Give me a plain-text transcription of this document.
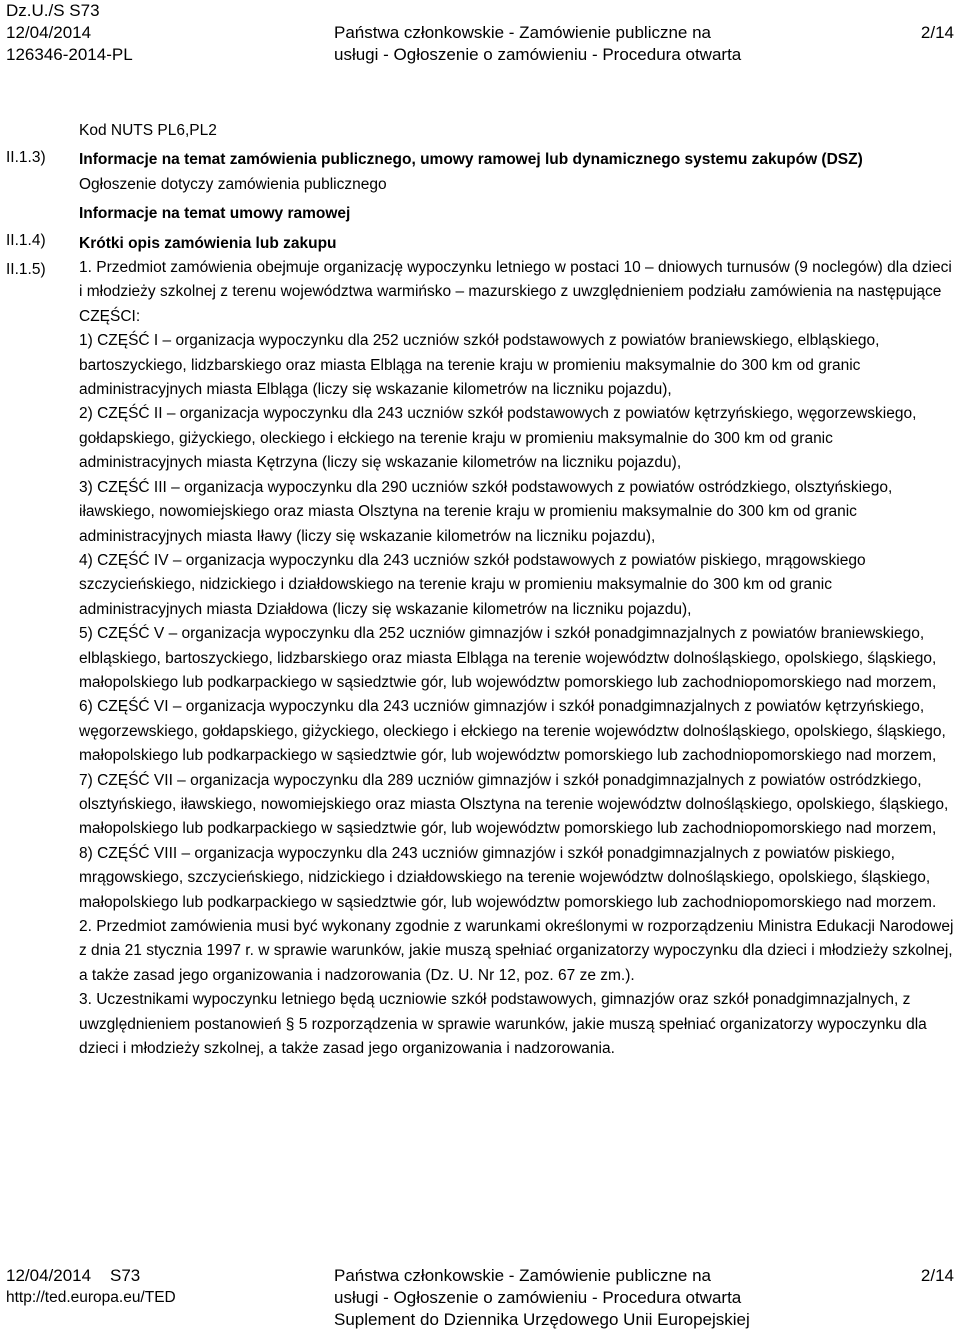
Dz.U./S S73
12/04/2014
126346-2014-PL
Państwa członkowskie - Zamówienie publiczne na
usługi - Ogłoszenie o zamówieniu - Procedura otwarta
2/14
II.1.3)
II.1.4)
II.1.5)

Kod NUTS PL6,PL2

Informacje na temat zamówienia publicznego, umowy ramowej lub dynamicznego systemu zakupów (DSZ)

Ogłoszenie dotyczy zamówienia publicznego

Informacje na temat umowy ramowej

Krótki opis zamówienia lub zakupu

1. Przedmiot zamówienia obejmuje organizację wypoczynku letniego w postaci 10 – dniowych turnusów (9 noclegów) dla dzieci i młodzieży szkolnej z terenu województwa warmińsko – mazurskiego z uwzględnieniem podziału zamówienia na następujące CZĘŚCI:

1) CZĘŚĆ I – organizacja wypoczynku dla 252 uczniów szkół podstawowych z powiatów braniewskiego, elbląskiego, bartoszyckiego, lidzbarskiego oraz miasta Elbląga na terenie kraju w promieniu maksymalnie do 300 km od granic administracyjnych miasta Elbląga (liczy się wskazanie kilometrów na liczniku pojazdu),

2) CZĘŚĆ II – organizacja wypoczynku dla 243 uczniów szkół podstawowych z powiatów kętrzyńskiego, węgorzewskiego, gołdapskiego, giżyckiego, oleckiego i ełckiego na terenie kraju w promieniu maksymalnie do 300 km od granic administracyjnych miasta Kętrzyna (liczy się wskazanie kilometrów na liczniku pojazdu),

3) CZĘŚĆ III – organizacja wypoczynku dla 290 uczniów szkół podstawowych z powiatów ostródzkiego, olsztyńskiego, iławskiego, nowomiejskiego oraz miasta Olsztyna na terenie kraju w promieniu maksymalnie do 300 km od granic administracyjnych miasta Iławy (liczy się wskazanie kilometrów na liczniku pojazdu),

4) CZĘŚĆ IV – organizacja wypoczynku dla 243 uczniów szkół podstawowych z powiatów piskiego, mrągowskiego szczycieńskiego, nidzickiego i działdowskiego na terenie kraju w promieniu maksymalnie do 300 km od granic administracyjnych miasta Działdowa (liczy się wskazanie kilometrów na liczniku pojazdu),

5) CZĘŚĆ V – organizacja wypoczynku dla 252 uczniów gimnazjów i szkół ponadgimnazjalnych z powiatów braniewskiego, elbląskiego, bartoszyckiego, lidzbarskiego oraz miasta Elbląga na terenie województw dolnośląskiego, opolskiego, śląskiego, małopolskiego lub podkarpackiego w sąsiedztwie gór, lub województw pomorskiego lub zachodniopomorskiego nad morzem,

6) CZĘŚĆ VI – organizacja wypoczynku dla 243 uczniów gimnazjów i szkół ponadgimnazjalnych z powiatów kętrzyńskiego, węgorzewskiego, gołdapskiego, giżyckiego, oleckiego i ełckiego na terenie województw dolnośląskiego, opolskiego, śląskiego, małopolskiego lub podkarpackiego w sąsiedztwie gór, lub województw pomorskiego lub zachodniopomorskiego nad morzem,

7) CZĘŚĆ VII – organizacja wypoczynku dla 289 uczniów gimnazjów i szkół ponadgimnazjalnych z powiatów ostródzkiego, olsztyńskiego, iławskiego, nowomiejskiego oraz miasta Olsztyna na terenie województw dolnośląskiego, opolskiego, śląskiego, małopolskiego lub podkarpackiego w sąsiedztwie gór, lub województw pomorskiego lub zachodniopomorskiego nad morzem,

8) CZĘŚĆ VIII – organizacja wypoczynku dla 243 uczniów gimnazjów i szkół ponadgimnazjalnych z powiatów piskiego, mrągowskiego, szczycieńskiego, nidzickiego i działdowskiego na terenie województw dolnośląskiego, opolskiego, śląskiego, małopolskiego lub podkarpackiego w sąsiedztwie gór, lub województw pomorskiego lub zachodniopomorskiego nad morzem.

2. Przedmiot zamówienia musi być wykonany zgodnie z warunkami określonymi w rozporządzeniu Ministra Edukacji Narodowej z dnia 21 stycznia 1997 r. w sprawie warunków, jakie muszą spełniać organizatorzy wypoczynku dla dzieci i młodzieży szkolnej, a także zasad jego organizowania i nadzorowania (Dz. U. Nr 12, poz. 67 ze zm.).

3. Uczestnikami wypoczynku letniego będą uczniowie szkół podstawowych, gimnazjów oraz szkół ponadgimnazjalnych, z uwzględnieniem postanowień § 5 rozporządzenia w sprawie warunków, jakie muszą spełniać organizatorzy wypoczynku dla dzieci i młodzieży szkolnej, a także zasad jego organizowania i nadzorowania.

12/04/2014    S73
http://ted.europa.eu/TED
Państwa członkowskie - Zamówienie publiczne na
usługi - Ogłoszenie o zamówieniu - Procedura otwarta
Suplement do Dziennika Urzędowego Unii Europejskiej
2/14
